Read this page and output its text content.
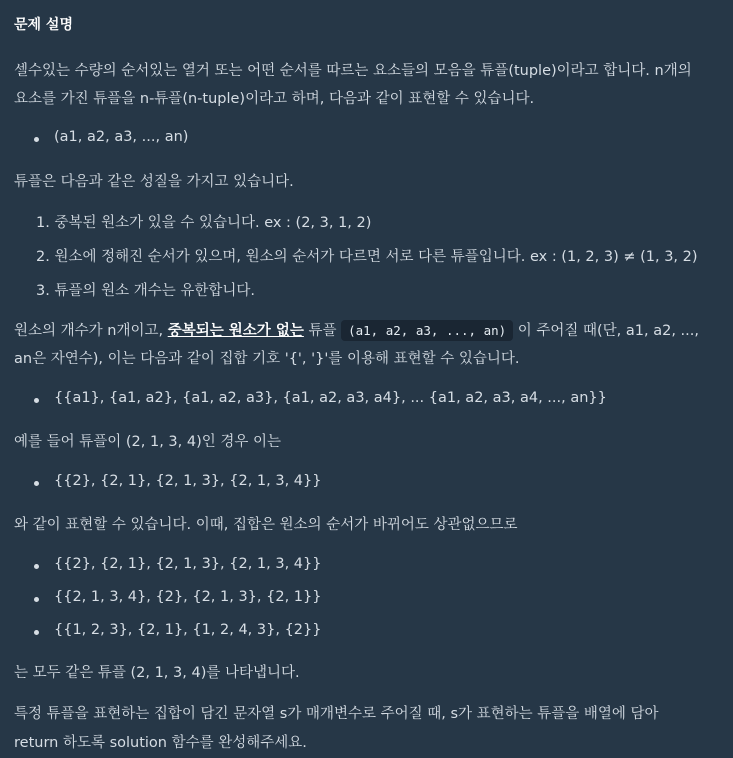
문제 설명
셀수있는 수량의 순서있는 열거 또는 어떤 순서를 따르는 요소들의 모음을 튜플(tuple)이라고 합니다. n개의
요소를 가진 튜플을 n-튜플(n-tuple)이라고 하며, 다음과 같이 표현할 수 있습니다.
(a1, a2, a3, ..., an)
튜플은 다음과 같은 성질을 가지고 있습니다.
1. 중복된 원소가 있을 수 있습니다. ex : (2, 3, 1, 2)
2. 원소에 정해진 순서가 있으며, 원소의 순서가 다르면 서로 다른 튜플입니다. ex : (1, 2, 3) ≠ (1, 3, 2)
3. 튜플의 원소 개수는 유한합니다.
원소의 개수가 n개이고, 중복되는 원소가 없는 튜플 (a1, a2, a3, ..., an) 이 주어질 때(단, a1, a2, ...,
an은 자연수), 이는 다음과 같이 집합 기호 '{', '}'를 이용해 표현할 수 있습니다.
{{a1}, {a1, a2}, {a1, a2, a3}, {a1, a2, a3, a4}, ... {a1, a2, a3, a4, ..., an}}
예를 들어 튜플이 (2, 1, 3, 4)인 경우 이는
{{2}, {2, 1}, {2, 1, 3}, {2, 1, 3, 4}}
와 같이 표현할 수 있습니다. 이때, 집합은 원소의 순서가 바뀌어도 상관없으므로
{{2}, {2, 1}, {2, 1, 3}, {2, 1, 3, 4}}
{{2, 1, 3, 4}, {2}, {2, 1, 3}, {2, 1}}
{{1, 2, 3}, {2, 1}, {1, 2, 4, 3}, {2}}
는 모두 같은 튜플 (2, 1, 3, 4)를 나타냅니다.
특정 튜플을 표현하는 집합이 담긴 문자열 s가 매개변수로 주어질 때, s가 표현하는 튜플을 배열에 담아
return 하도록 solution 함수를 완성해주세요.
